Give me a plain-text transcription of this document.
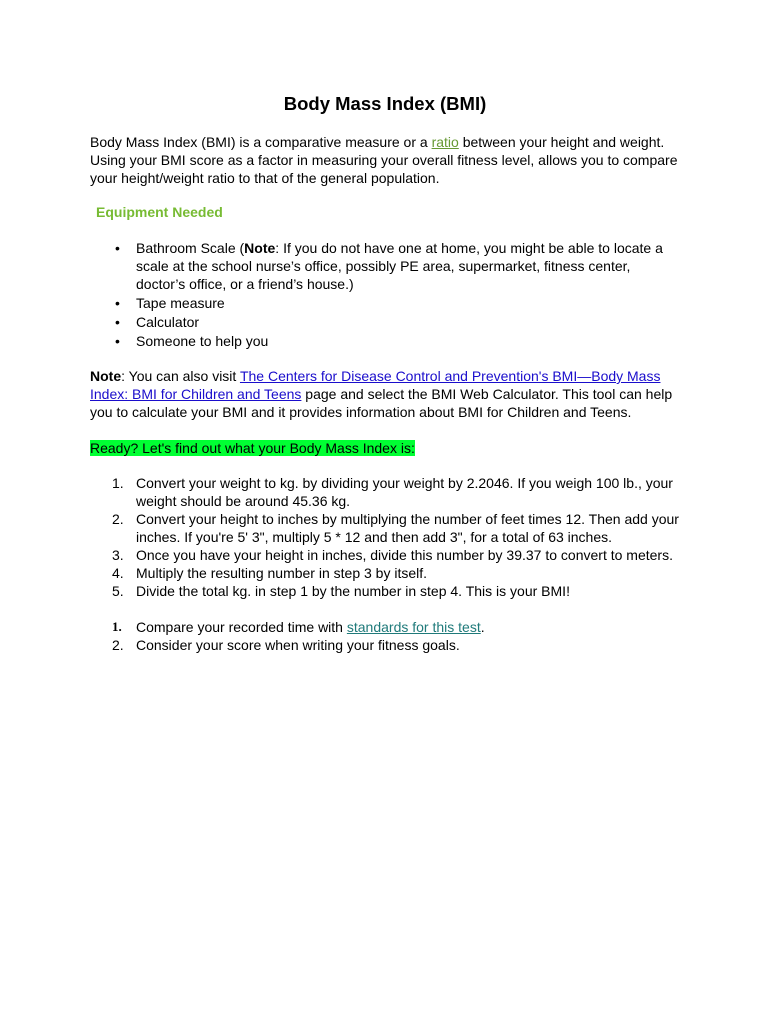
Body Mass Index (BMI)

Body Mass Index (BMI) is a comparative measure or a ratio between your height and weight. Using your BMI score as a factor in measuring your overall fitness level, allows you to compare your height/weight ratio to that of the general population.

Equipment Needed

• Bathroom Scale (Note: If you do not have one at home, you might be able to locate a scale at the school nurse’s office, possibly PE area, supermarket, fitness center, doctor’s office, or a friend’s house.)
• Tape measure
• Calculator
• Someone to help you

Note: You can also visit The Centers for Disease Control and Prevention's BMI—Body Mass Index: BMI for Children and Teens page and select the BMI Web Calculator. This tool can help you to calculate your BMI and it provides information about BMI for Children and Teens.

Ready? Let's find out what your Body Mass Index is:
1. Convert your weight to kg. by dividing your weight by 2.2046. If you weigh 100 lb., your weight should be around 45.36 kg.
2. Convert your height to inches by multiplying the number of feet times 12. Then add your inches. If you're 5' 3", multiply 5 * 12 and then add 3", for a total of 63 inches.
3. Once you have your height in inches, divide this number by 39.37 to convert to meters.
4. Multiply the resulting number in step 3 by itself.
5. Divide the total kg. in step 1 by the number in step 4. This is your BMI!
1. Compare your recorded time with standards for this test.
2. Consider your score when writing your fitness goals.
